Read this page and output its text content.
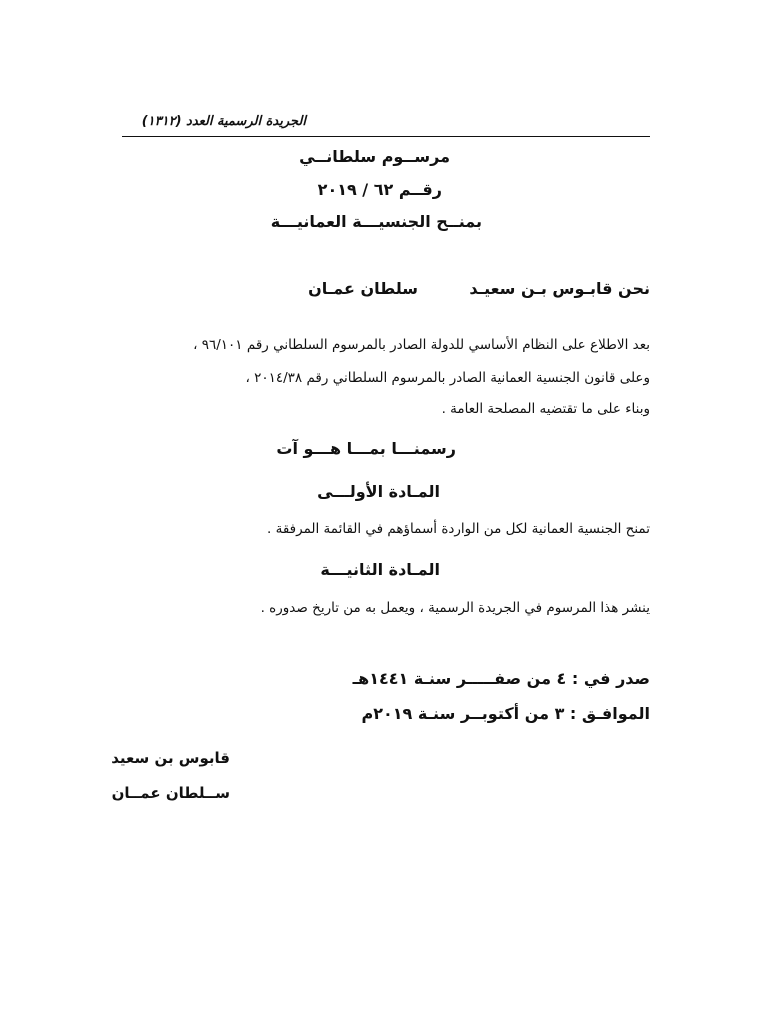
الجريدة الرسمية العدد (١٣١٢)

مرســوم سلطانــي

رقــم ٦٢ / ٢٠١٩

بمنــح الجنسيـــة العمانيـــة

نحن قابـوس بـن سعيـد

سلطان عمـان

بعد الاطلاع على النظام الأساسي للدولة الصادر بالمرسوم السلطاني رقم ٩٦/١٠١ ،

وعلى قانون الجنسية العمانية الصادر بالمرسوم السلطاني رقم ٢٠١٤/٣٨ ،

وبناء على ما تقتضيه المصلحة العامة .

رسمنـــا بمـــا هـــو آت

المـادة الأولـــى

تمنح الجنسية العمانية لكل من الواردة أسماؤهم في القائمة المرفقة .

المـادة الثانيـــة

ينشر هذا المرسوم في الجريدة الرسمية ، ويعمل به من تاريخ صدوره .

صدر في : ٤ من صفـــــر سنـة ١٤٤١هـ

الموافـق : ٣ من أكتوبــر سنـة ٢٠١٩م

قابوس بن سعيد

ســلطان عمــان
